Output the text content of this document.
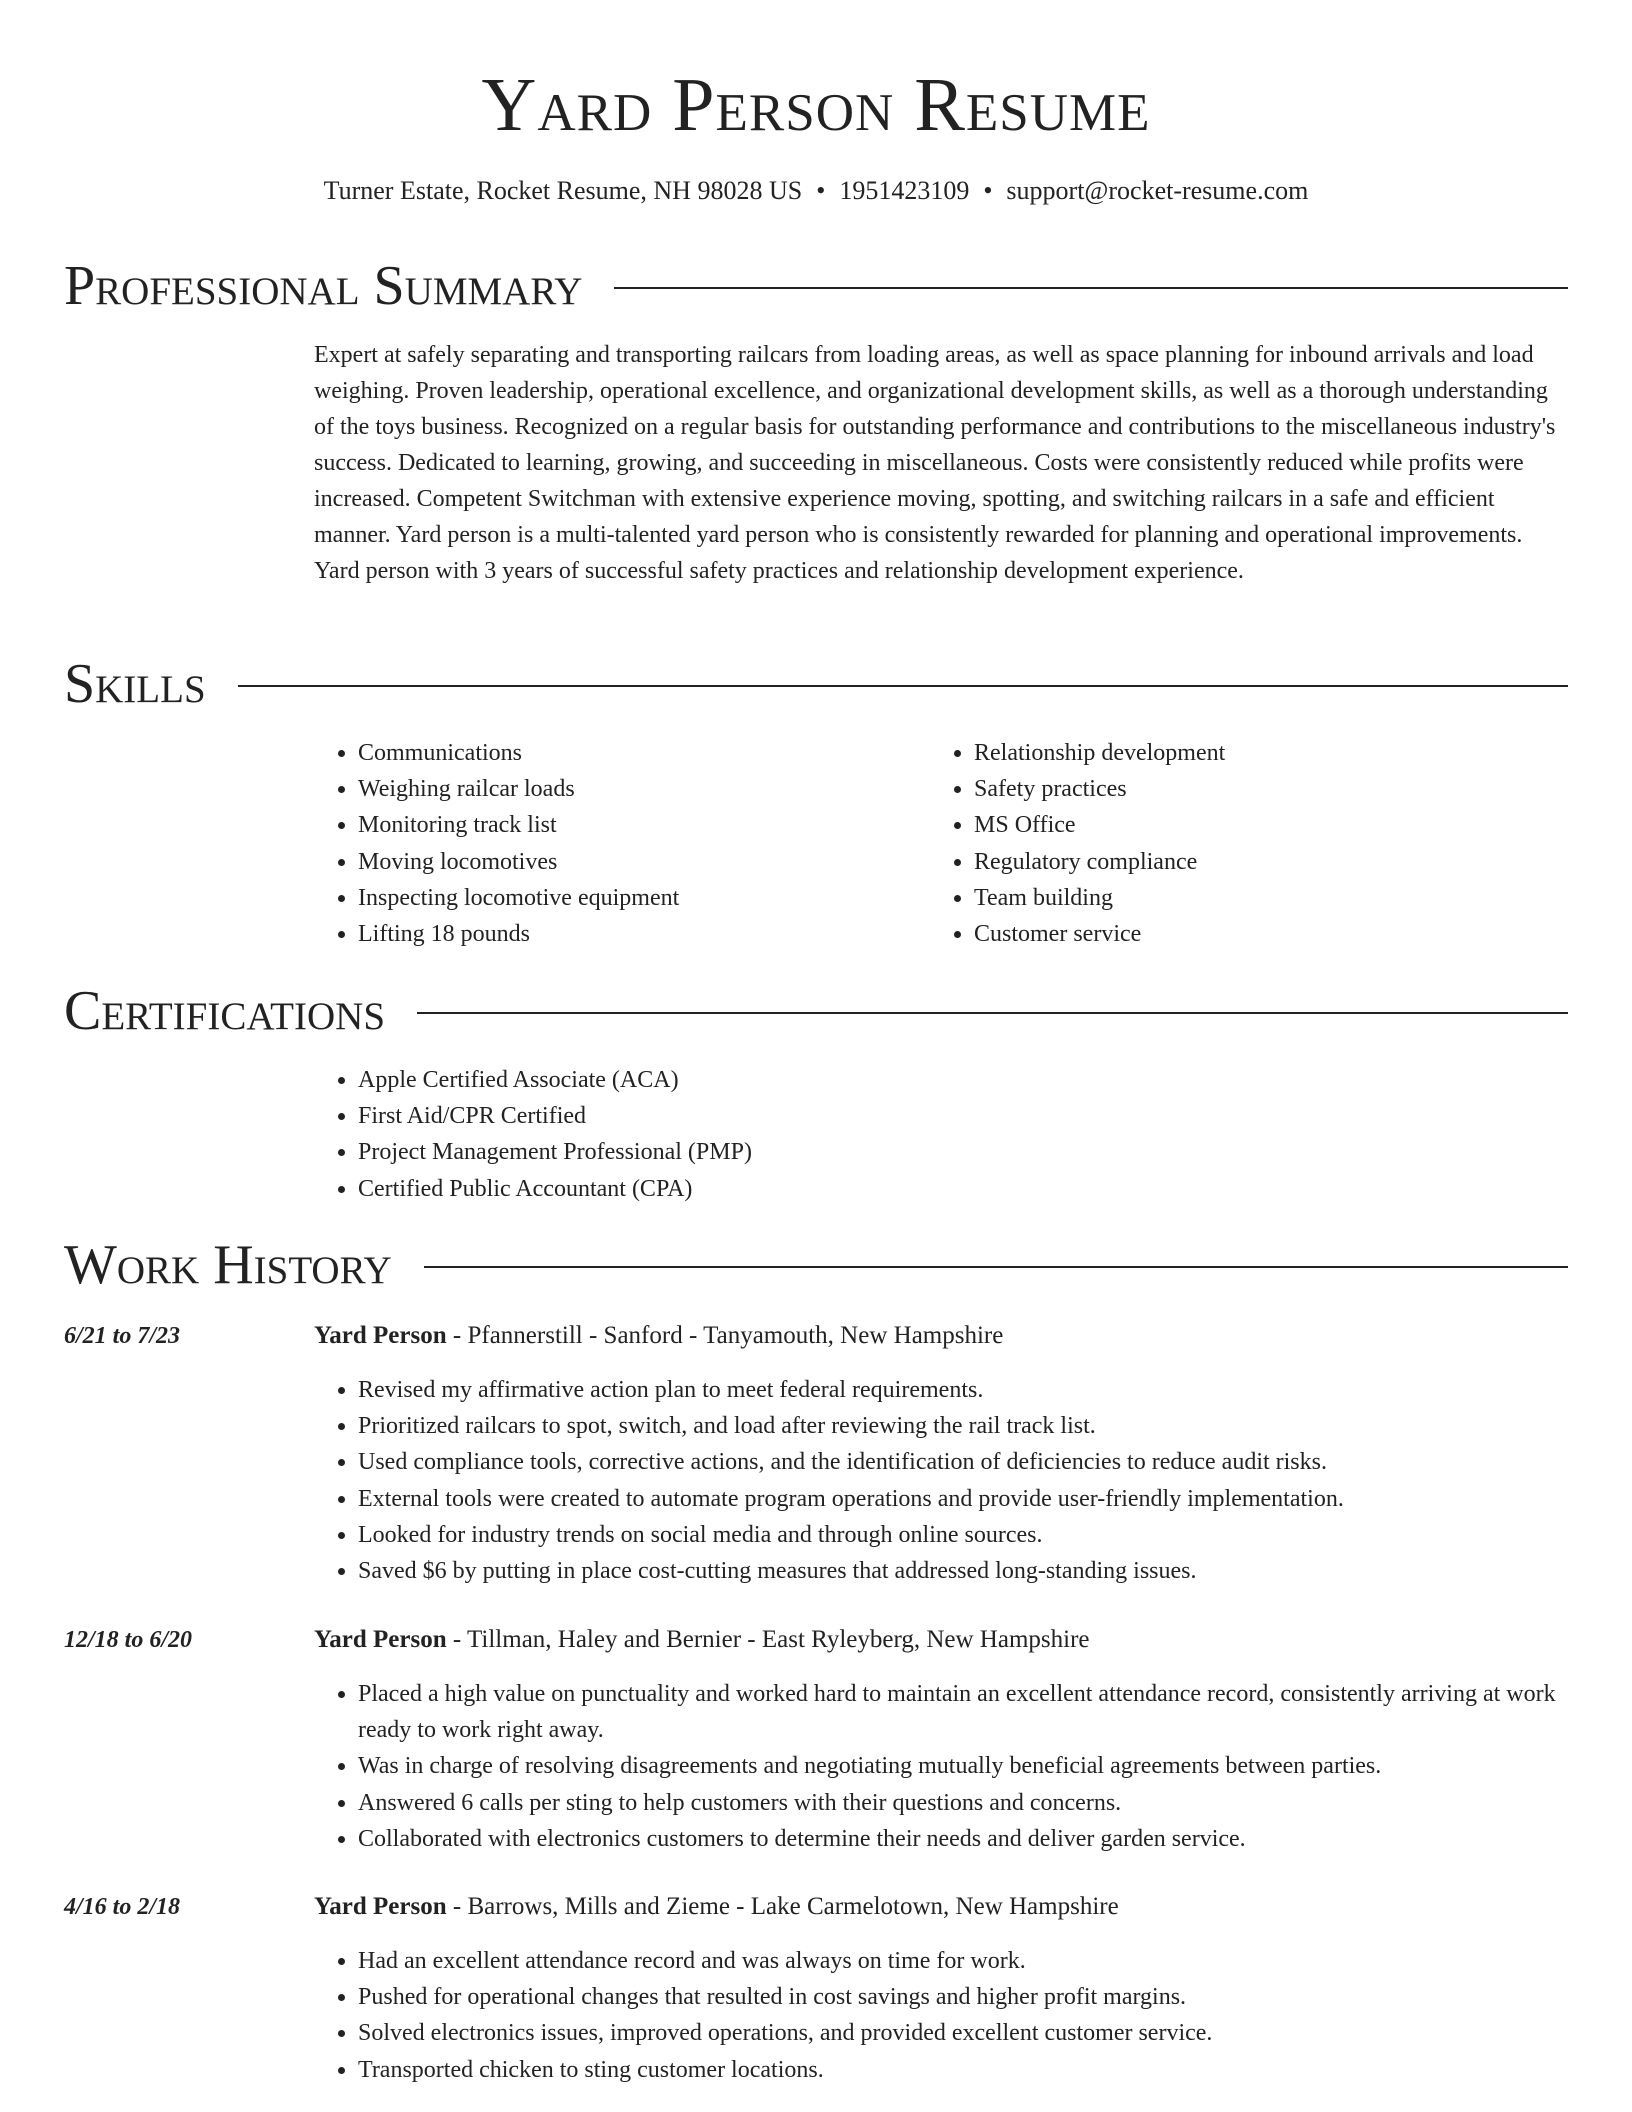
Yard Person Resume
Turner Estate, Rocket Resume, NH 98028 US • 1951423109 • support@rocket-resume.com
Professional Summary

Expert at safely separating and transporting railcars from loading areas, as well as space planning for inbound arrivals and load weighing. Proven leadership, operational excellence, and organizational development skills, as well as a thorough understanding of the toys business. Recognized on a regular basis for outstanding performance and contributions to the miscellaneous industry's success. Dedicated to learning, growing, and succeeding in miscellaneous. Costs were consistently reduced while profits were increased. Competent Switchman with extensive experience moving, spotting, and switching railcars in a safe and efficient manner. Yard person is a multi-talented yard person who is consistently rewarded for planning and operational improvements. Yard person with 3 years of successful safety practices and relationship development experience.

Skills
• Communications
• Weighing railcar loads
• Monitoring track list
• Moving locomotives
• Inspecting locomotive equipment
• Lifting 18 pounds
• Relationship development
• Safety practices
• MS Office
• Regulatory compliance
• Team building
• Customer service
Certifications
• Apple Certified Associate (ACA)
• First Aid/CPR Certified
• Project Management Professional (PMP)
• Certified Public Accountant (CPA)
Work History
6/21 to 7/23	Yard Person - Pfannerstill - Sanford - Tanyamouth, New Hampshire
• Revised my affirmative action plan to meet federal requirements.
• Prioritized railcars to spot, switch, and load after reviewing the rail track list.
• Used compliance tools, corrective actions, and the identification of deficiencies to reduce audit risks.
• External tools were created to automate program operations and provide user-friendly implementation.
• Looked for industry trends on social media and through online sources.
• Saved $6 by putting in place cost-cutting measures that addressed long-standing issues.
12/18 to 6/20	Yard Person - Tillman, Haley and Bernier - East Ryleyberg, New Hampshire
• Placed a high value on punctuality and worked hard to maintain an excellent attendance record, consistently arriving at work ready to work right away.
• Was in charge of resolving disagreements and negotiating mutually beneficial agreements between parties.
• Answered 6 calls per sting to help customers with their questions and concerns.
• Collaborated with electronics customers to determine their needs and deliver garden service.
4/16 to 2/18	Yard Person - Barrows, Mills and Zieme - Lake Carmelotown, New Hampshire
• Had an excellent attendance record and was always on time for work.
• Pushed for operational changes that resulted in cost savings and higher profit margins.
• Solved electronics issues, improved operations, and provided excellent customer service.
• Transported chicken to sting customer locations.
